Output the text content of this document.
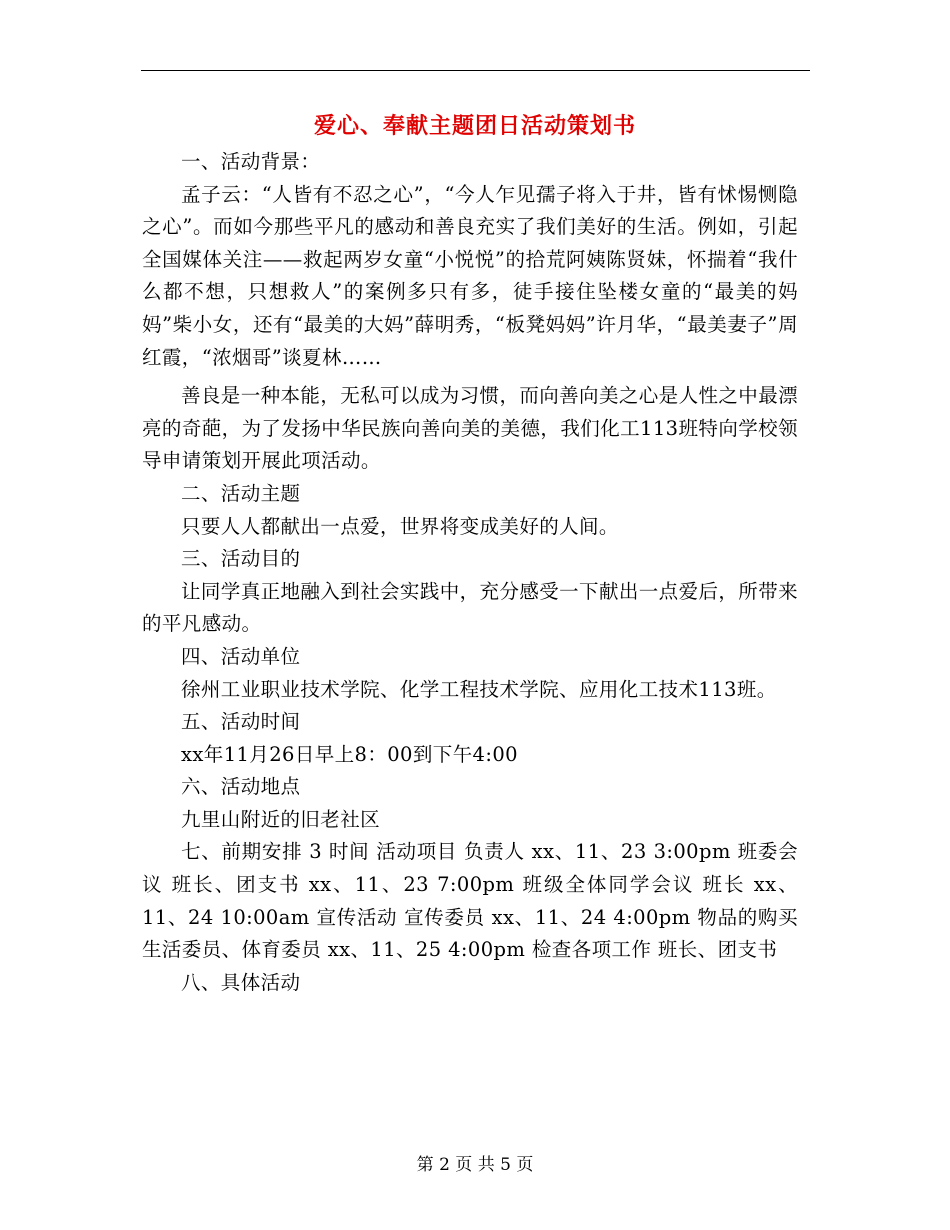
爱心、奉献主题团日活动策划书

一、活动背景：

孟子云：“人皆有不忍之心”，“今人乍见孺子将入于井，皆有怵惕恻隐之心”。而如今那些平凡的感动和善良充实了我们美好的生活。例如，引起全国媒体关注——救起两岁女童“小悦悦”的拾荒阿姨陈贤妹，怀揣着“我什么都不想，只想救人”的案例多只有多，徒手接住坠楼女童的“最美的妈妈”柴小女，还有“最美的大妈”薛明秀，“板凳妈妈”许月华，“最美妻子”周红霞，“浓烟哥”谈夏林……

善良是一种本能，无私可以成为习惯，而向善向美之心是人性之中最漂亮的奇葩，为了发扬中华民族向善向美的美德，我们化工113班特向学校领导申请策划开展此项活动。

二、活动主题

只要人人都献出一点爱，世界将变成美好的人间。

三、活动目的

让同学真正地融入到社会实践中，充分感受一下献出一点爱后，所带来的平凡感动。

四、活动单位

徐州工业职业技术学院、化学工程技术学院、应用化工技术113班。

五、活动时间

xx年11月26日早上8：00到下午4:00

六、活动地点

九里山附近的旧老社区

七、前期安排 3 时间 活动项目 负责人 xx、11、23 3:00pm 班委会议 班长、团支书 xx、11、23 7:00pm 班级全体同学会议 班长 xx、11、24 10:00am 宣传活动 宣传委员 xx、11、24 4:00pm 物品的购买 生活委员、体育委员 xx、11、25 4:00pm 检查各项工作 班长、团支书

八、具体活动

第 2 页 共 5 页
